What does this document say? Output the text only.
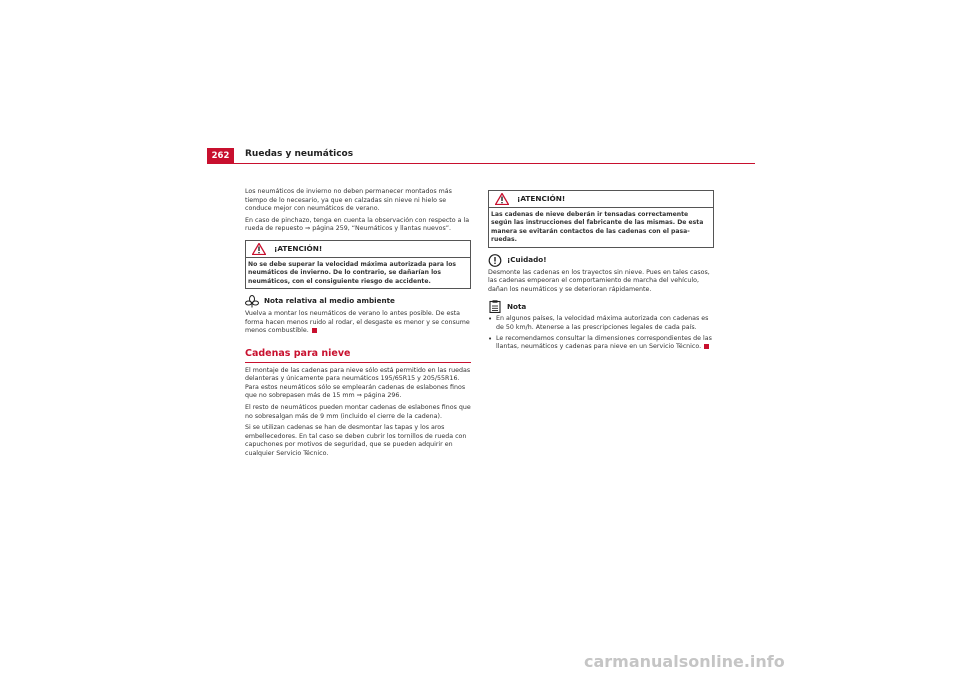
262	Ruedas y neumáticos

Los neumáticos de invierno no deben permanecer montados más tiempo de lo necesario, ya que en calzadas sin nieve ni hielo se conduce mejor con neumáticos de verano.

En caso de pinchazo, tenga en cuenta la observación con respecto a la rueda de repuesto ⇒ página 259, “Neumáticos y llantas nuevos”.

¡ATENCIÓN!
No se debe superar la velocidad máxima autorizada para los neumáticos de invierno. De lo contrario, se dañarían los neumáticos, con el consiguiente riesgo de accidente.
Nota relativa al medio ambiente

Vuelva a montar los neumáticos de verano lo antes posible. De esta forma hacen menos ruido al rodar, el desgaste es menor y se consume menos combustible.

Cadenas para nieve

El montaje de las cadenas para nieve sólo está permitido en las ruedas delanteras y únicamente para neumáticos 195/65R15 y 205/55R16. Para estos neumáticos sólo se emplearán cadenas de eslabones finos que no sobrepasen más de 15 mm ⇒ página 296.

El resto de neumáticos pueden montar cadenas de eslabones finos que no sobresalgan más de 9 mm (incluido el cierre de la cadena).

Si se utilizan cadenas se han de desmontar las tapas y los aros embellecedores. En tal caso se deben cubrir los tornillos de rueda con capuchones por motivos de seguridad, que se pueden adquirir en cualquier Servicio Técnico.

¡ATENCIÓN!
Las cadenas de nieve deberán ir tensadas correctamente según las instrucciones del fabricante de las mismas. De esta manera se evitarán contactos de las cadenas con el pasa-ruedas.
¡Cuidado!

Desmonte las cadenas en los trayectos sin nieve. Pues en tales casos, las cadenas empeoran el comportamiento de marcha del vehículo, dañan los neumáticos y se deterioran rápidamente.

Nota
• En algunos países, la velocidad máxima autorizada con cadenas es de 50 km/h. Atenerse a las prescripciones legales de cada país.
• Le recomendamos consultar la dimensiones correspondientes de las llantas, neumáticos y cadenas para nieve en un Servicio Técnico.
carmanualsonline.info
